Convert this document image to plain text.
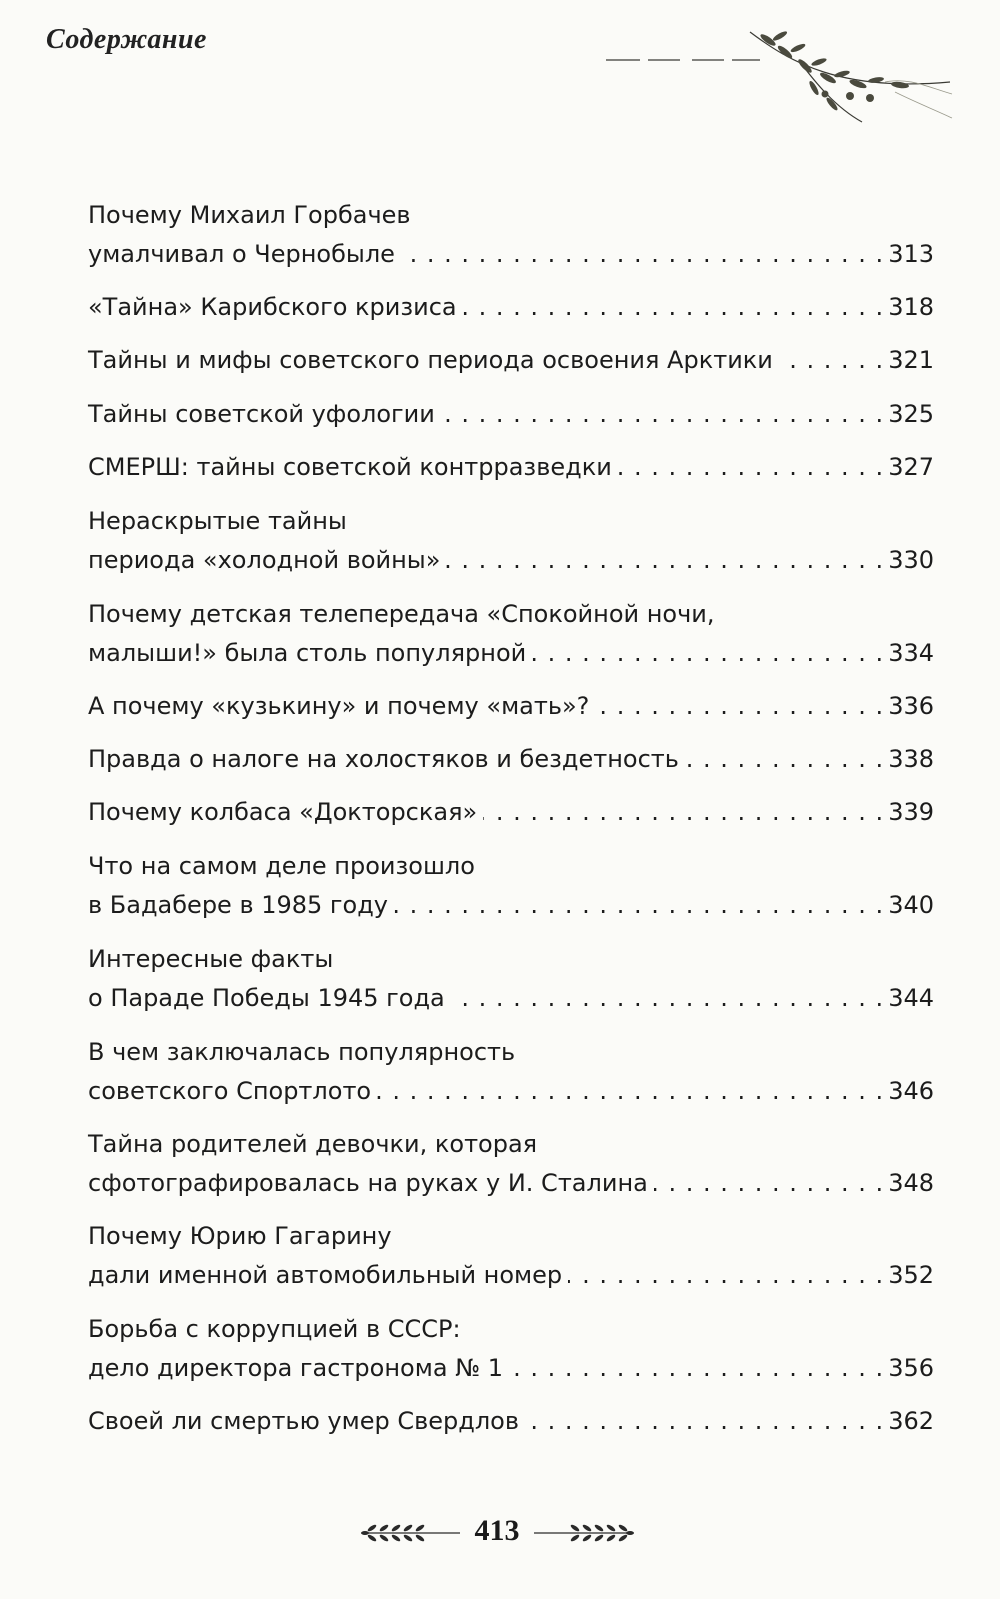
Содержание
Почему Михаил Горбачев
умалчивал о Чернобыле . . .	313
«Тайна» Карибского кризиса . . .	318
Тайны и мифы советского периода освоения Арктики . . .	321
Тайны советской уфологии . . .	325
СМЕРШ: тайны советской контрразведки . . .	327
Нераскрытые тайны
периода «холодной войны» . . .	330
Почему детская телепередача «Спокойной ночи,
малыши!» была столь популярной . . .	334
А почему «кузькину» и почему «мать»? . . .	336
Правда о налоге на холостяков и бездетность . . .	338
Почему колбаса «Докторская» . . .	339
Что на самом деле произошло
в Бадабере в 1985 году . . .	340
Интересные факты
о Параде Победы 1945 года . . .	344
В чем заключалась популярность
советского Спортлото . . .	346
Тайна родителей девочки, которая
сфотографировалась на руках у И. Сталина . . .	348
Почему Юрию Гагарину
дали именной автомобильный номер . . .	352
Борьба с коррупцией в СССР:
дело директора гастронома № 1 . . .	356
Своей ли смертью умер Свердлов . . .	362
413
